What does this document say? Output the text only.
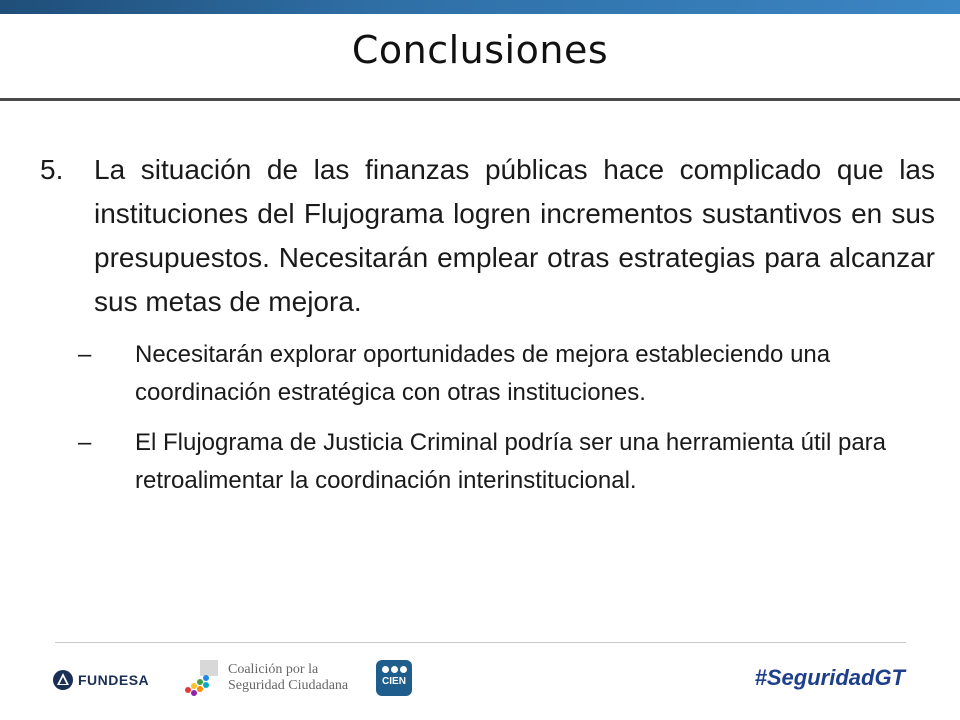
Conclusiones
5.	La situación de las finanzas públicas hace complicado que las instituciones del Flujograma logren incrementos sustantivos en sus presupuestos. Necesitarán emplear otras estrategias para alcanzar sus metas de mejora.
–	Necesitarán explorar oportunidades de mejora estableciendo una coordinación estratégica con otras instituciones.
–	El Flujograma de Justicia Criminal podría ser una herramienta útil para retroalimentar la coordinación interinstitucional.
FUNDESA
Coalición por la
Seguridad Ciudadana	CIEN	#SeguridadGT
